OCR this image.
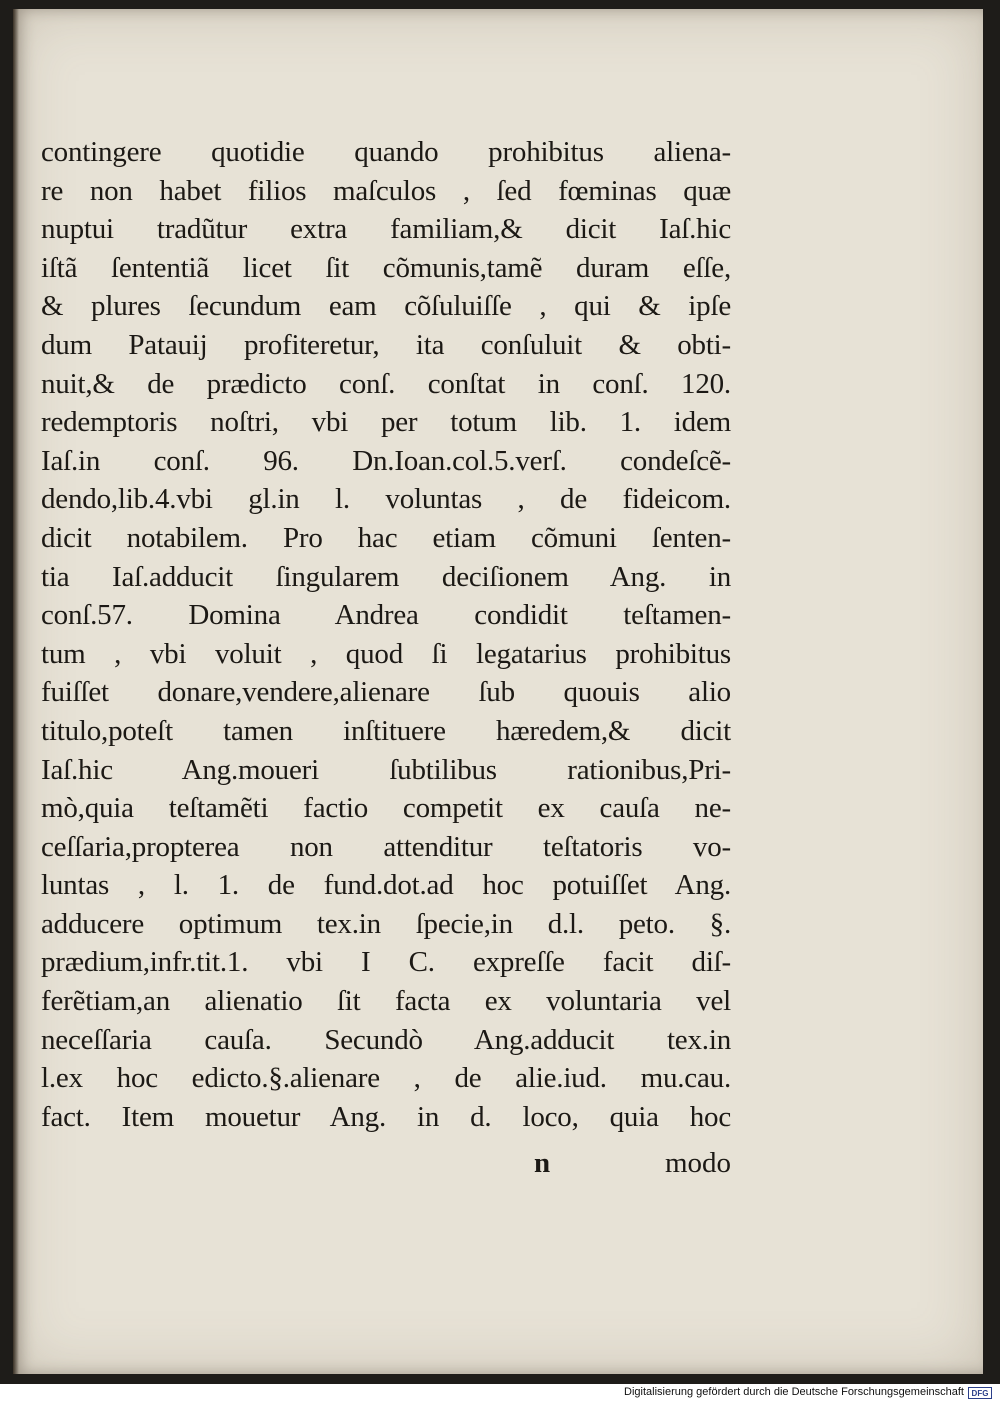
contingere quotidie quando prohibitus aliena-
re non habet filios maſculos , ſed fœminas quæ
nuptui tradũtur extra familiam,& dicit Iaſ.hic
iſtã ſententiã licet ſit cõmunis,tamẽ duram eſſe,
& plures ſecundum eam cõſuluiſſe , qui & ipſe
dum Patauij profiteretur, ita conſuluit & obti-
nuit,& de prædicto conſ. conſtat in conſ. 120.
redemptoris noſtri, vbi per totum lib. 1. idem
Iaſ.in conſ. 96. Dn.Ioan.col.5.verſ. condeſcẽ-
dendo,lib.4.vbi gl.in l. voluntas , de fideicom.
dicit notabilem. Pro hac etiam cõmuni ſenten-
tia Iaſ.adducit ſingularem deciſionem Ang. in
conſ.57. Domina Andrea condidit teſtamen-
tum , vbi voluit , quod ſi legatarius prohibitus
fuiſſet donare,vendere,alienare ſub quouis alio
titulo,poteſt tamen inſtituere hæredem,& dicit
Iaſ.hic Ang.moueri ſubtilibus rationibus,Pri-
mò,quia teſtamẽti factio competit ex cauſa ne-
ceſſaria,propterea non attenditur teſtatoris vo-
luntas , l. 1. de fund.dot.ad hoc potuiſſet Ang.
adducere optimum tex.in ſpecie,in d.l. peto. §.
prædium,infr.tit.1. vbi I C. expreſſe facit diſ-
ferẽtiam,an alienatio ſit facta ex voluntaria vel
neceſſaria cauſa. Secundò Ang.adducit tex.in
l.ex hoc edicto.§.alienare , de alie.iud. mu.cau.
fact. Item mouetur Ang. in d. loco, quia hoc
n	modo
Digitalisierung gefördert durch die Deutsche Forschungsgemeinschaft DFG
